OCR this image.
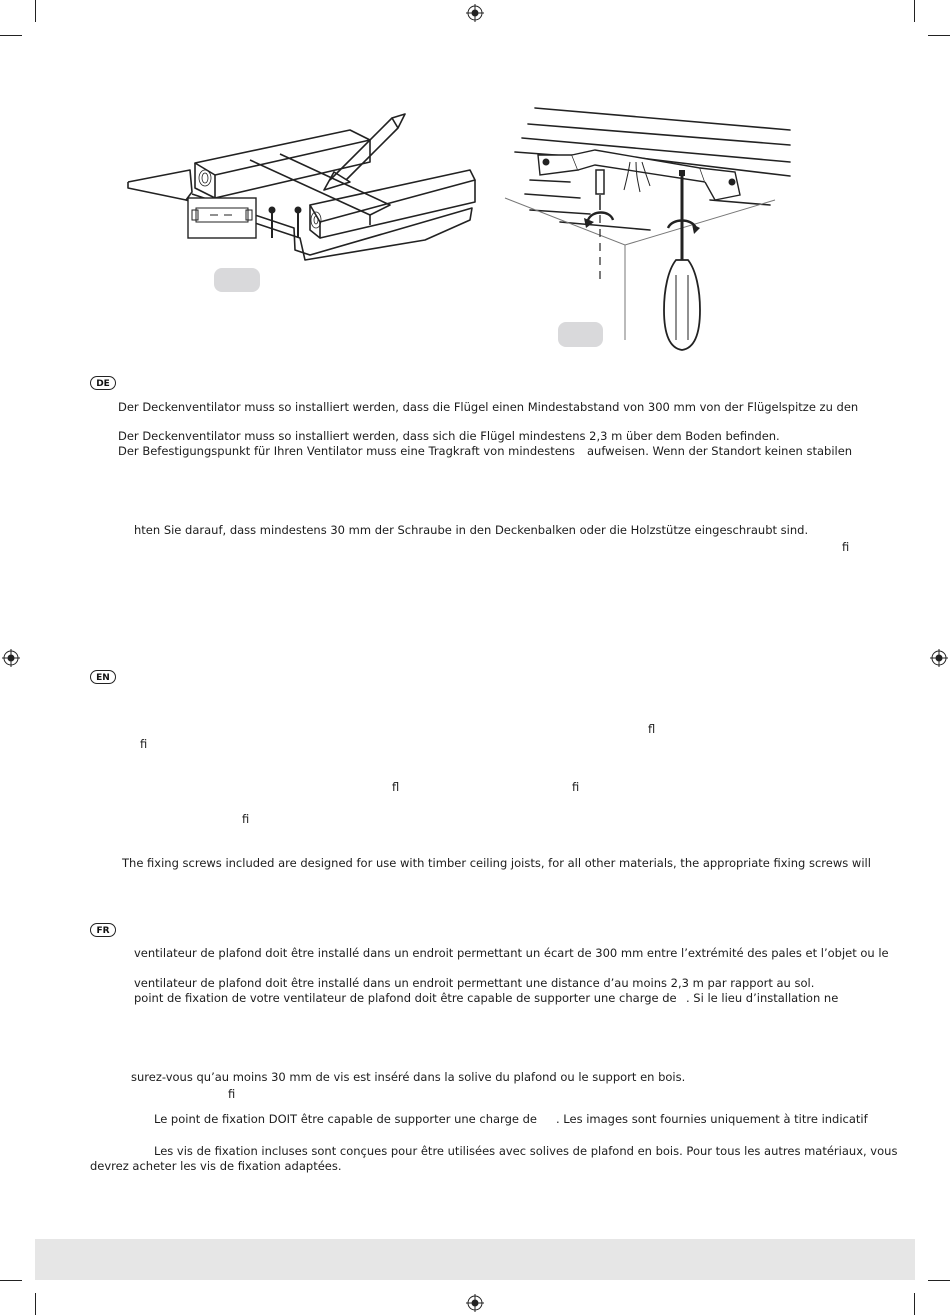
DE
Der Deckenventilator muss so installiert werden, dass die Flügel einen Mindestabstand von 300 mm von der Flügelspitze zu den
Der Deckenventilator muss so installiert werden, dass sich die Flügel mindestens 2,3 m über dem Boden befinden.
Der Befestigungspunkt für Ihren Ventilator muss eine Tragkraft von mindestens aufweisen. Wenn der Standort keinen stabilen
hten Sie darauf, dass mindestens 30 mm der Schraube in den Deckenbalken oder die Holzstütze eingeschraubt sind.
ﬁ
EN
ﬂ
ﬁ
ﬂ	ﬁ
ﬁ
The ﬁxing screws included are designed for use with timber ceiling joists, for all other materials, the appropriate ﬁxing screws will
FR
ventilateur de plafond doit être installé dans un endroit permettant un écart de 300 mm entre l’extrémité des pales et l’objet ou le
ventilateur de plafond doit être installé dans un endroit permettant une distance d’au moins 2,3 m par rapport au sol.
point de ﬁxation de votre ventilateur de plafond doit être capable de supporter une charge de . Si le lieu d’installation ne
surez-vous qu’au moins 30 mm de vis est inséré dans la solive du plafond ou le support en bois.
ﬁ
Le point de ﬁxation DOIT être capable de supporter une charge de . Les images sont fournies uniquement à titre indicatif
Les vis de ﬁxation incluses sont conçues pour être utilisées avec solives de plafond en bois. Pour tous les autres matériaux, vous
devrez acheter les vis de ﬁxation adaptées.
